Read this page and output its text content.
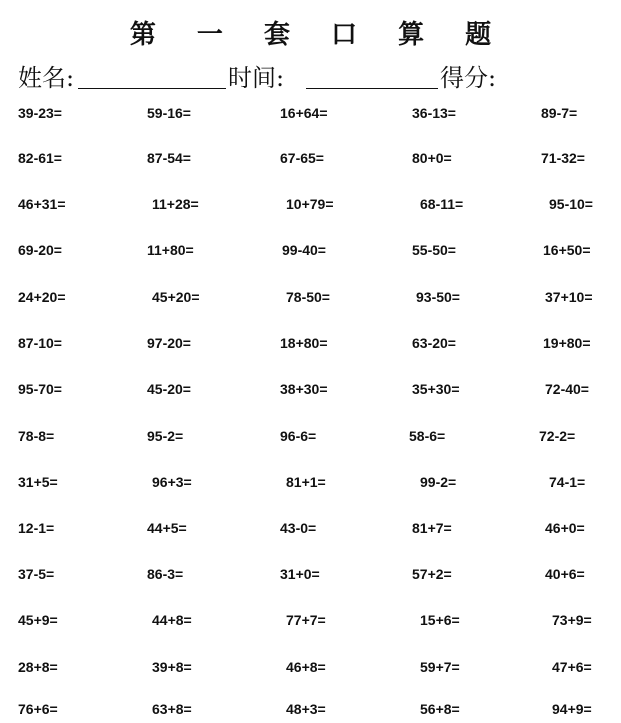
第 一 套 口 算 题
姓名:	时间:	得分:
39-23=	59-16=	16+64=	36-13=	89-7=
82-61=	87-54=	67-65=	80+0=	71-32=
46+31=	11+28=	10+79=	68-11=	95-10=
69-20=	11+80=	99-40=	55-50=	16+50=
24+20=	45+20=	78-50=	93-50=	37+10=
87-10=	97-20=	18+80=	63-20=	19+80=
95-70=	45-20=	38+30=	35+30=	72-40=
78-8=	95-2=	96-6=	58-6=	72-2=
31+5=	96+3=	81+1=	99-2=	74-1=
12-1=	44+5=	43-0=	81+7=	46+0=
37-5=	86-3=	31+0=	57+2=	40+6=
45+9=	44+8=	77+7=	15+6=	73+9=
28+8=	39+8=	46+8=	59+7=	47+6=
76+6=	63+8=	48+3=	56+8=	94+9=
